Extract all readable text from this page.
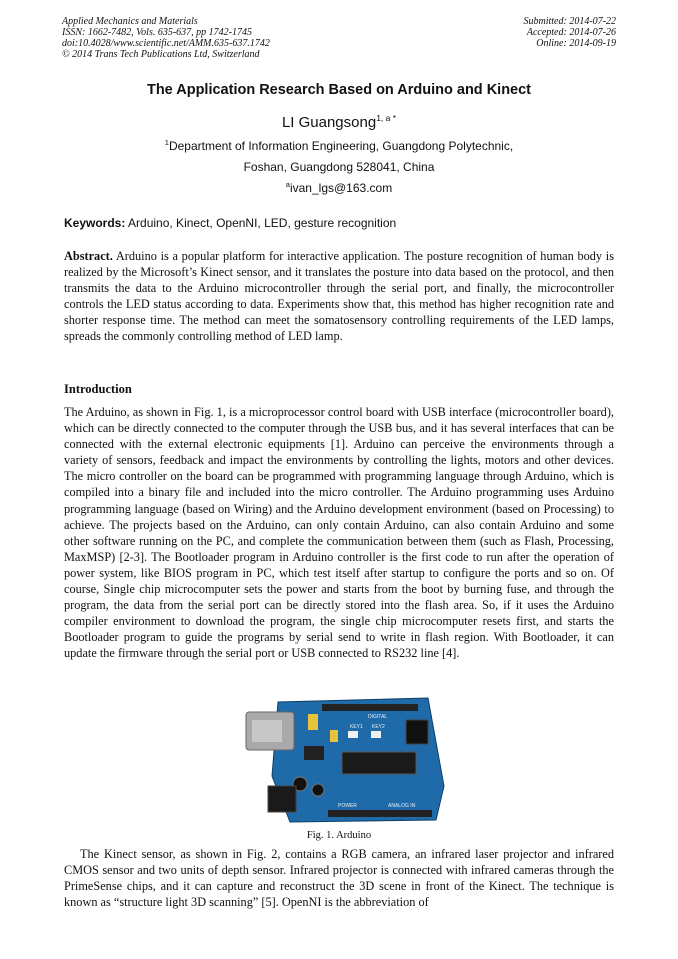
Applied Mechanics and Materials
ISSN: 1662-7482, Vols. 635-637, pp 1742-1745
doi:10.4028/www.scientific.net/AMM.635-637.1742
© 2014 Trans Tech Publications Ltd, Switzerland
Submitted: 2014-07-22
Accepted: 2014-07-26
Online: 2014-09-19
The Application Research Based on Arduino and Kinect
LI Guangsong$^{1, a *}$
$^1$Department of Information Engineering, Guangdong Polytechnic,
Foshan, Guangdong 528041, China
$^a$ivan_lgs@163.com
Keywords: Arduino, Kinect, OpenNI, LED, gesture recognition
Abstract. Arduino is a popular platform for interactive application. The posture recognition of human body is realized by the Microsoft’s Kinect sensor, and it translates the posture into data based on the protocol, and then transmits the data to the Arduino microcontroller through the serial port, and finally, the microcontroller controls the LED status according to data. Experiments show that, this method has higher recognition rate and shorter response time. The method can meet the somatosensory controlling requirements of the LED lamps, spreads the commonly controlling method of LED lamp.
Introduction
The Arduino, as shown in Fig. 1, is a microprocessor control board with USB interface (microcontroller board), which can be directly connected to the computer through the USB bus, and it has several interfaces that can be connected with the external electronic equipments [1]. Arduino can perceive the environments through a variety of sensors, feedback and impact the environments by controlling the lights, motors and other devices. The micro controller on the board can be programmed with programming language through Arduino, which is compiled into a binary file and included into the micro controller. The Arduino programming uses Arduino programming language (based on Wiring) and the Arduino development environment (based on Processing) to achieve. The projects based on the Arduino, can only contain Arduino, can also contain Arduino and some other software running on the PC, and complete the communication between them (such as Flash, Processing, MaxMSP) [2-3]. The Bootloader program in Arduino controller is the first code to run after the operation of power system, like BIOS program in PC, which test itself after startup to configure the ports and so on. Of course, Single chip microcomputer sets the power and starts from the boot by burning fuse, and through the program, the data from the serial port can be directly stored into the flash area. So, if it uses the Arduino compiler environment to download the program, the single chip microcomputer resets first, and starts the Bootloader program to guide the programs by serial send to write in flash region. With Bootloader, it can update the firmware through the serial port or USB connected to RS232 line [4].
DIGITAL
KEY1 KEY2
POWER	ANALOG IN
Fig. 1. Arduino
The Kinect sensor, as shown in Fig. 2, contains a RGB camera, an infrared laser projector and infrared CMOS sensor and two units of depth sensor. Infrared projector is connected with infrared cameras through the PrimeSense chips, and it can capture and reconstruct the 3D scene in front of the Kinect. The technique is known as “structure light 3D scanning” [5]. OpenNI is the abbreviation of
